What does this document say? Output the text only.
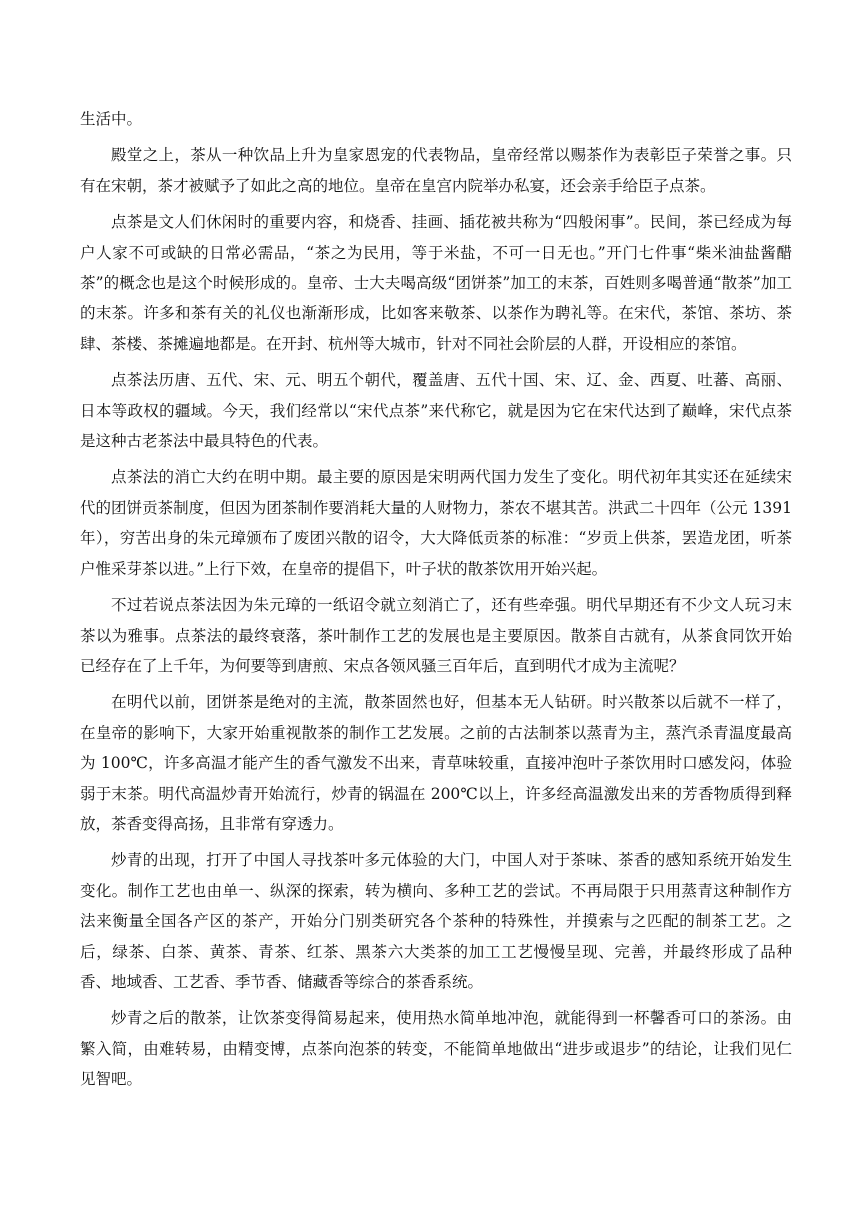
生活中。

殿堂之上，茶从一种饮品上升为皇家恩宠的代表物品，皇帝经常以赐茶作为表彰臣子荣誉之事。只有在宋朝，茶才被赋予了如此之高的地位。皇帝在皇宫内院举办私宴，还会亲手给臣子点茶。

点茶是文人们休闲时的重要内容，和烧香、挂画、插花被共称为“四般闲事”。民间，茶已经成为每户人家不可或缺的日常必需品，“茶之为民用，等于米盐，不可一日无也。”开门七件事“柴米油盐酱醋茶”的概念也是这个时候形成的。皇帝、士大夫喝高级“团饼茶”加工的末茶，百姓则多喝普通“散茶”加工的末茶。许多和茶有关的礼仪也渐渐形成，比如客来敬茶、以茶作为聘礼等。在宋代，茶馆、茶坊、茶肆、茶楼、茶摊遍地都是。在开封、杭州等大城市，针对不同社会阶层的人群，开设相应的茶馆。

点茶法历唐、五代、宋、元、明五个朝代，覆盖唐、五代十国、宋、辽、金、西夏、吐蕃、高丽、日本等政权的疆域。今天，我们经常以“宋代点茶”来代称它，就是因为它在宋代达到了巅峰，宋代点茶是这种古老茶法中最具特色的代表。

点茶法的消亡大约在明中期。最主要的原因是宋明两代国力发生了变化。明代初年其实还在延续宋代的团饼贡茶制度，但因为团茶制作要消耗大量的人财物力，茶农不堪其苦。洪武二十四年（公元 1391 年），穷苦出身的朱元璋颁布了废团兴散的诏令，大大降低贡茶的标准：“岁贡上供茶，罢造龙团，听茶户惟采芽茶以进。”上行下效，在皇帝的提倡下，叶子状的散茶饮用开始兴起。

不过若说点茶法因为朱元璋的一纸诏令就立刻消亡了，还有些牵强。明代早期还有不少文人玩习末茶以为雅事。点茶法的最终衰落，茶叶制作工艺的发展也是主要原因。散茶自古就有，从茶食同饮开始已经存在了上千年，为何要等到唐煎、宋点各领风骚三百年后，直到明代才成为主流呢？

在明代以前，团饼茶是绝对的主流，散茶固然也好，但基本无人钻研。时兴散茶以后就不一样了，在皇帝的影响下，大家开始重视散茶的制作工艺发展。之前的古法制茶以蒸青为主，蒸汽杀青温度最高为 100℃，许多高温才能产生的香气激发不出来，青草味较重，直接冲泡叶子茶饮用时口感发闷，体验弱于末茶。明代高温炒青开始流行，炒青的锅温在 200℃以上，许多经高温激发出来的芳香物质得到释放，茶香变得高扬，且非常有穿透力。

炒青的出现，打开了中国人寻找茶叶多元体验的大门，中国人对于茶味、茶香的感知系统开始发生变化。制作工艺也由单一、纵深的探索，转为横向、多种工艺的尝试。不再局限于只用蒸青这种制作方法来衡量全国各产区的茶产，开始分门别类研究各个茶种的特殊性，并摸索与之匹配的制茶工艺。之后，绿茶、白茶、黄茶、青茶、红茶、黑茶六大类茶的加工工艺慢慢呈现、完善，并最终形成了品种香、地域香、工艺香、季节香、储藏香等综合的茶香系统。

炒青之后的散茶，让饮茶变得简易起来，使用热水简单地冲泡，就能得到一杯馨香可口的茶汤。由繁入简，由难转易，由精变博，点茶向泡茶的转变，不能简单地做出“进步或退步”的结论，让我们见仁见智吧。
